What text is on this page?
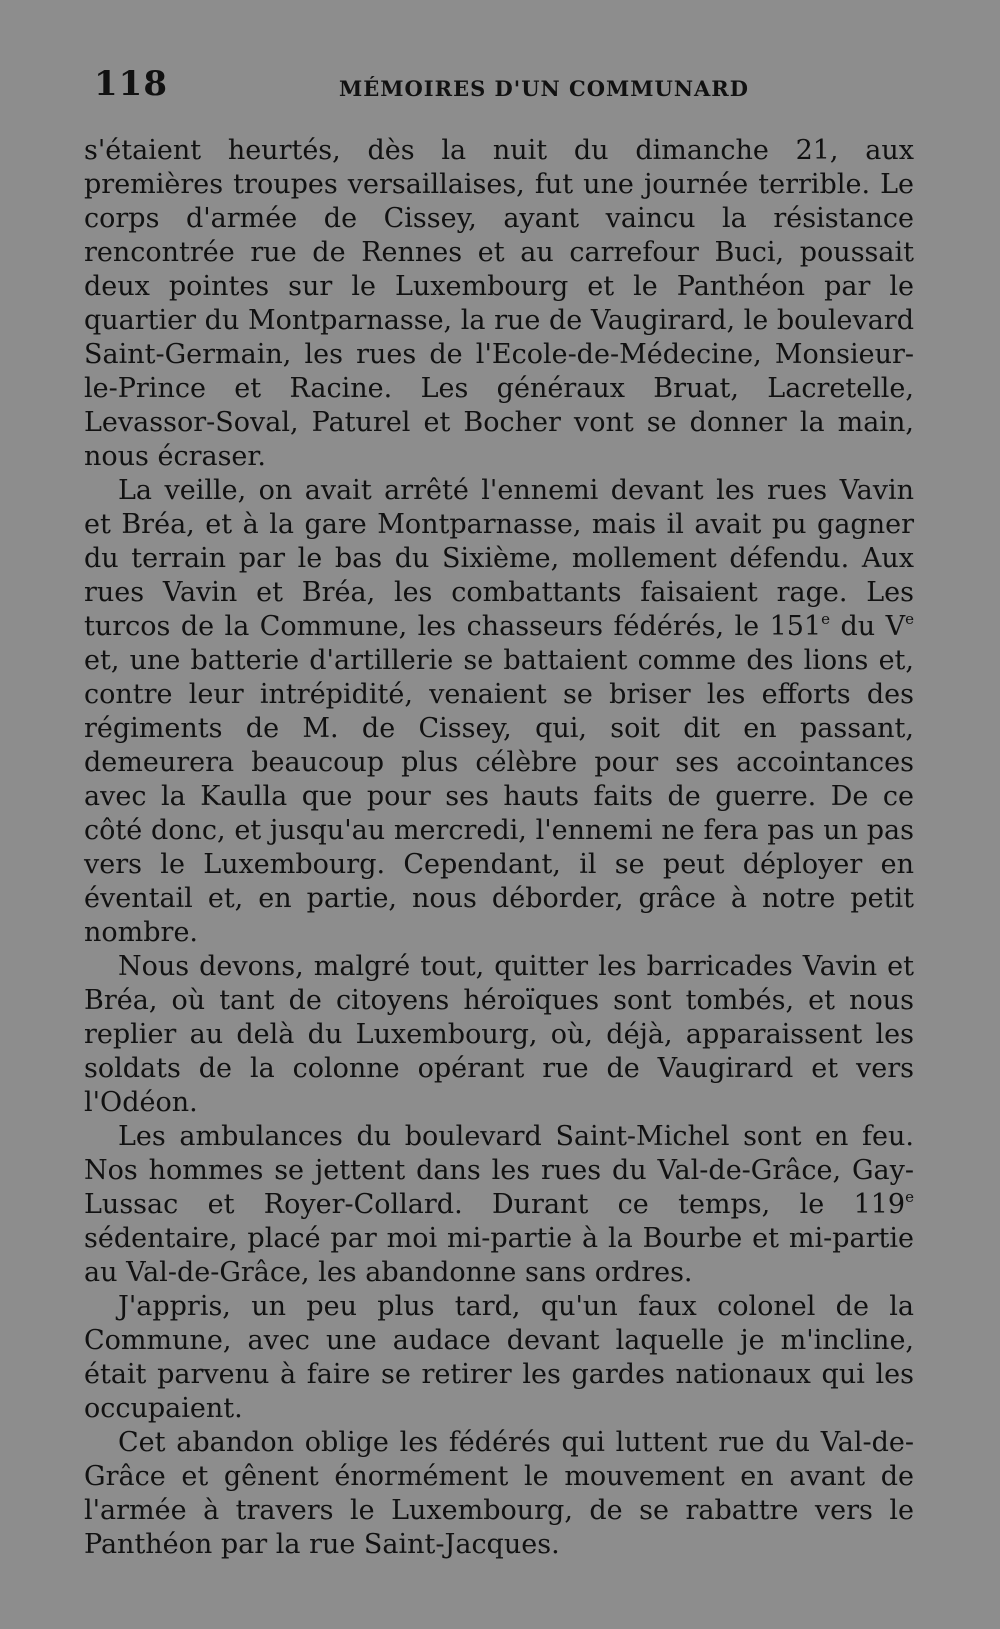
118	MÉMOIRES D'UN COMMUNARD

s'étaient heurtés, dès la nuit du dimanche 21, aux premières troupes versaillaises, fut une journée terrible. Le corps d'armée de Cissey, ayant vaincu la résistance rencontrée rue de Rennes et au carrefour Buci, poussait deux pointes sur le Luxembourg et le Panthéon par le quartier du Montparnasse, la rue de Vaugirard, le boulevard Saint-Germain, les rues de l'Ecole-de-Médecine, Monsieur-le-Prince et Racine. Les généraux Bruat, Lacretelle, Levassor-Soval, Paturel et Bocher vont se donner la main, nous écraser.

La veille, on avait arrêté l'ennemi devant les rues Vavin et Bréa, et à la gare Montparnasse, mais il avait pu gagner du terrain par le bas du Sixième, mollement défendu. Aux rues Vavin et Bréa, les combattants faisaient rage. Les turcos de la Commune, les chasseurs fédérés, le 151e du Ve et, une batterie d'artillerie se battaient comme des lions et, contre leur intrépidité, venaient se briser les efforts des régiments de M. de Cissey, qui, soit dit en passant, demeurera beaucoup plus célèbre pour ses accointances avec la Kaulla que pour ses hauts faits de guerre. De ce côté donc, et jusqu'au mercredi, l'ennemi ne fera pas un pas vers le Luxembourg. Cependant, il se peut déployer en éventail et, en partie, nous déborder, grâce à notre petit nombre.

Nous devons, malgré tout, quitter les barricades Vavin et Bréa, où tant de citoyens héroïques sont tombés, et nous replier au delà du Luxembourg, où, déjà, apparaissent les soldats de la colonne opérant rue de Vaugirard et vers l'Odéon.

Les ambulances du boulevard Saint-Michel sont en feu. Nos hommes se jettent dans les rues du Val-de-Grâce, Gay-Lussac et Royer-Collard. Durant ce temps, le 119e sédentaire, placé par moi mi-partie à la Bourbe et mi-partie au Val-de-Grâce, les abandonne sans ordres.

J'appris, un peu plus tard, qu'un faux colonel de la Commune, avec une audace devant laquelle je m'incline, était parvenu à faire se retirer les gardes nationaux qui les occupaient.

Cet abandon oblige les fédérés qui luttent rue du Val-de-Grâce et gênent énormément le mouvement en avant de l'armée à travers le Luxembourg, de se rabattre vers le Panthéon par la rue Saint-Jacques.
